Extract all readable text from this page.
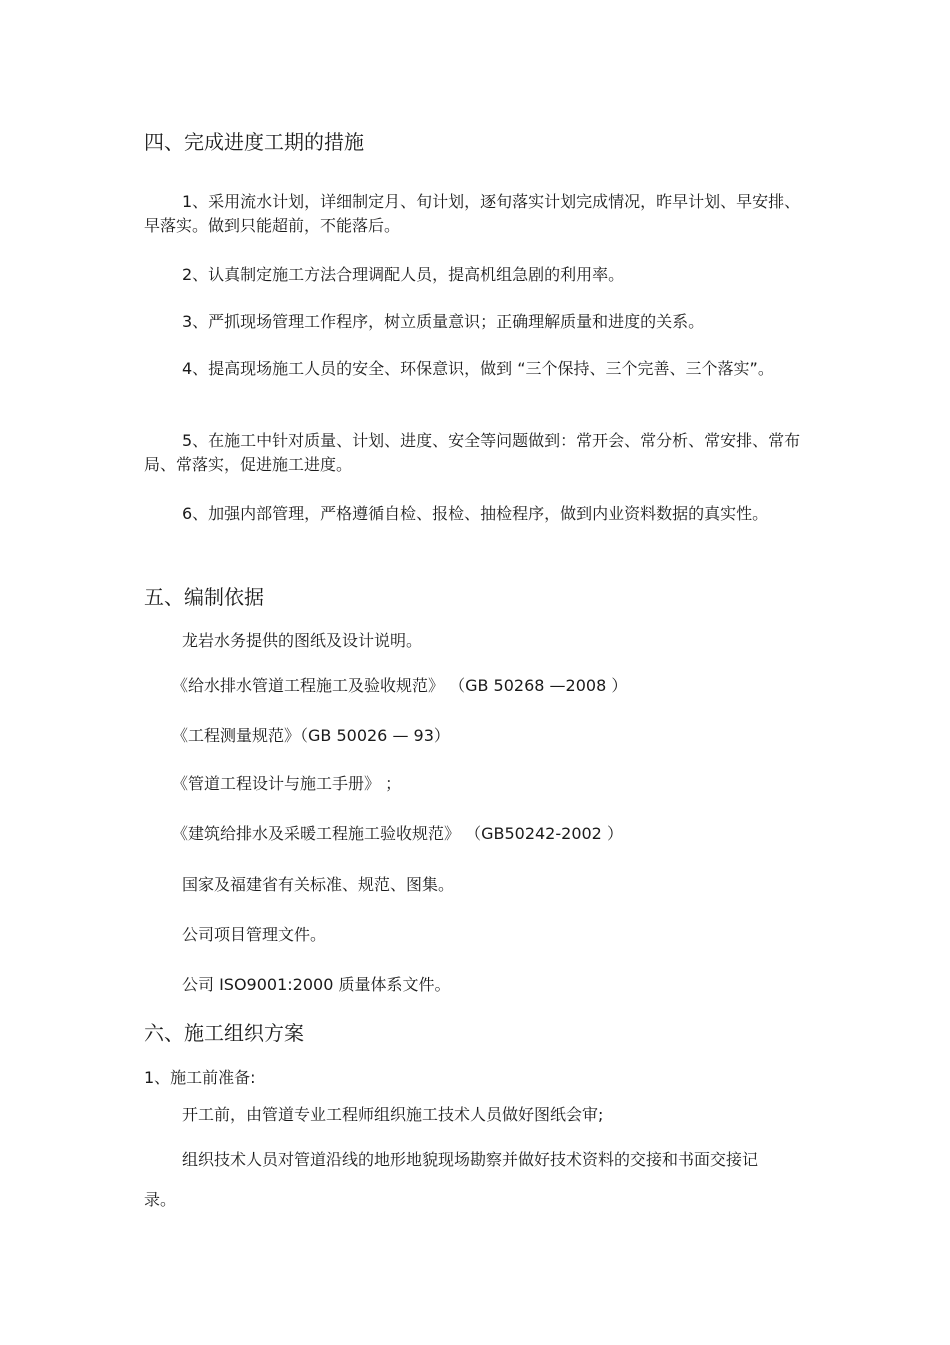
四、完成进度工期的措施
1、采用流水计划，详细制定月、旬计划，逐旬落实计划完成情况，昨早计划、早安排、早落实。做到只能超前，不能落后。
2、认真制定施工方法合理调配人员，提高机组急剧的利用率。
3、严抓现场管理工作程序，树立质量意识；正确理解质量和进度的关系。
4、提高现场施工人员的安全、环保意识，做到 “三个保持、三个完善、三个落实”。
5、在施工中针对质量、计划、进度、安全等问题做到：常开会、常分析、常安排、常布局、常落实，促进施工进度。
6、加强内部管理，严格遵循自检、报检、抽检程序，做到内业资料数据的真实性。
五、编制依据
龙岩水务提供的图纸及设计说明。
《给水排水管道工程施工及验收规范》 （GB 50268 —2008 ）
《工程测量规范》（GB 50026 — 93）
《管道工程设计与施工手册》 ；
《建筑给排水及采暖工程施工验收规范》 （GB50242-2002 ）
国家及福建省有关标准、规范、图集。
公司项目管理文件。
公司 ISO9001:2000 质量体系文件。
六、施工组织方案
1、施工前准备:
开工前，由管道专业工程师组织施工技术人员做好图纸会审;
组织技术人员对管道沿线的地形地貌现场勘察并做好技术资料的交接和书面交接记录。
